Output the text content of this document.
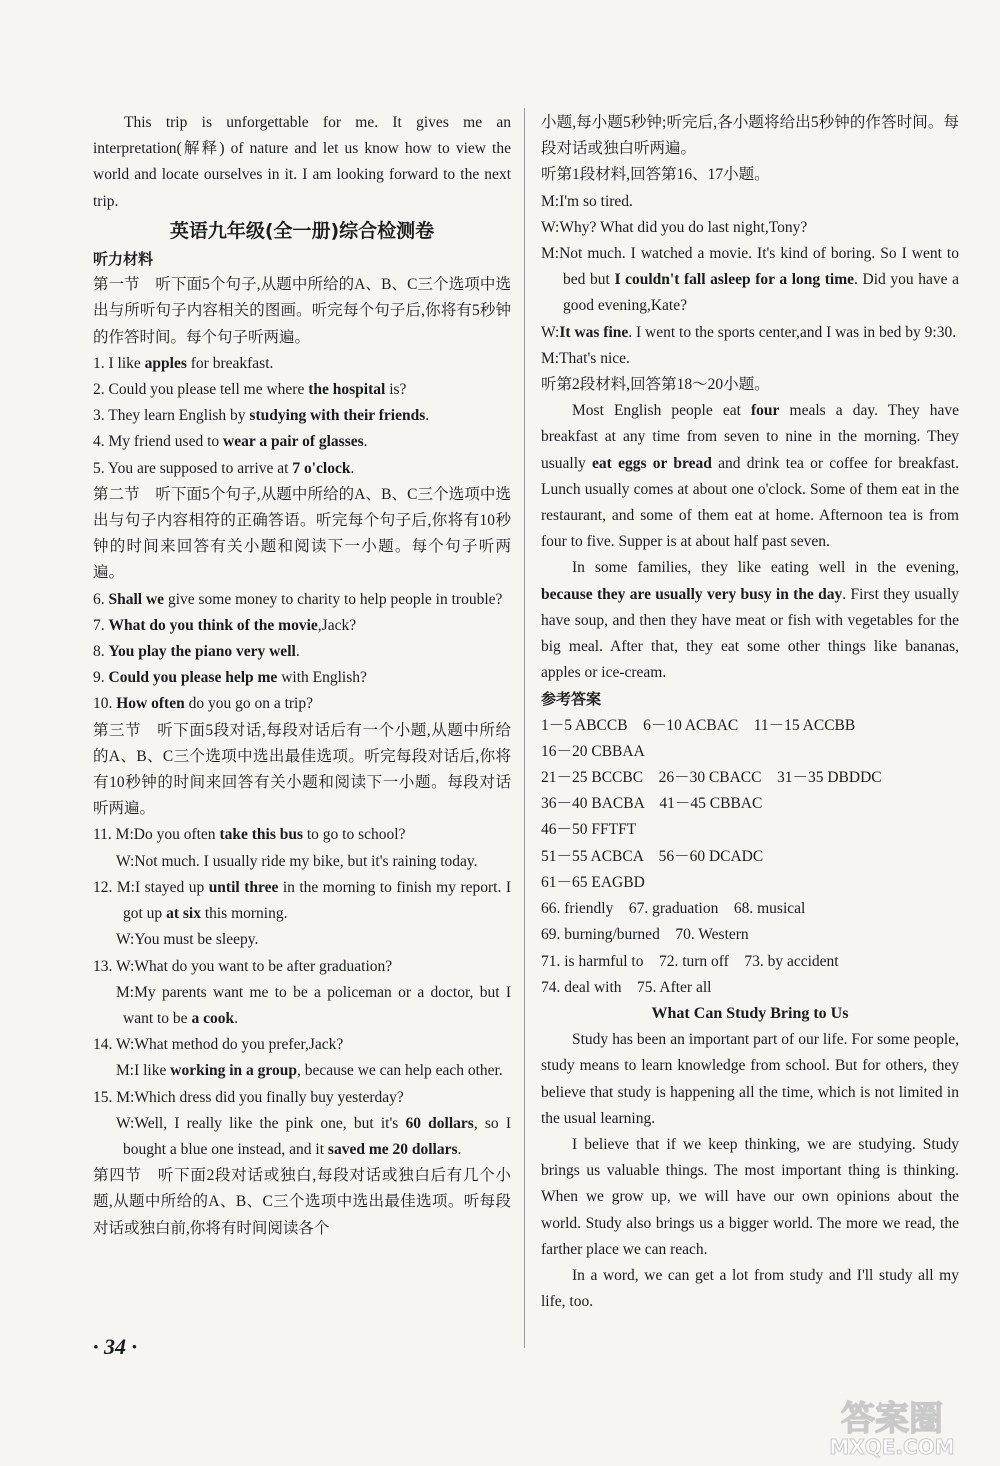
This trip is unforgettable for me. It gives me an interpretation(解释) of nature and let us know how to view the world and locate ourselves in it. I am looking forward to the next trip.

英语九年级(全一册)综合检测卷
听力材料

第一节　听下面5个句子,从题中所给的A、B、C三个选项中选出与所听句子内容相关的图画。听完每个句子后,你将有5秒钟的作答时间。每个句子听两遍。

1. I like apples for breakfast.

2. Could you please tell me where the hospital is?

3. They learn English by studying with their friends.

4. My friend used to wear a pair of glasses.

5. You are supposed to arrive at 7 o'clock.

第二节　听下面5个句子,从题中所给的A、B、C三个选项中选出与句子内容相符的正确答语。听完每个句子后,你将有10秒钟的时间来回答有关小题和阅读下一小题。每个句子听两遍。

6. Shall we give some money to charity to help people in trouble?

7. What do you think of the movie,Jack?

8. You play the piano very well.

9. Could you please help me with English?

10. How often do you go on a trip?

第三节　听下面5段对话,每段对话后有一个小题,从题中所给的A、B、C三个选项中选出最佳选项。听完每段对话后,你将有10秒钟的时间来回答有关小题和阅读下一小题。每段对话听两遍。

11. M:Do you often take this bus to go to school?

W:Not much. I usually ride my bike, but it's raining today.

12. M:I stayed up until three in the morning to finish my report. I got up at six this morning.

W:You must be sleepy.

13. W:What do you want to be after graduation?

M:My parents want me to be a policeman or a doctor, but I want to be a cook.

14. W:What method do you prefer,Jack?

M:I like working in a group, because we can help each other.

15. M:Which dress did you finally buy yesterday?

W:Well, I really like the pink one, but it's 60 dollars, so I bought a blue one instead, and it saved me 20 dollars.

第四节　听下面2段对话或独白,每段对话或独白后有几个小题,从题中所给的A、B、C三个选项中选出最佳选项。听每段对话或独白前,你将有时间阅读各个

小题,每小题5秒钟;听完后,各小题将给出5秒钟的作答时间。每段对话或独白听两遍。

听第1段材料,回答第16、17小题。

M:I'm so tired.

W:Why? What did you do last night,Tony?

M:Not much. I watched a movie. It's kind of boring. So I went to bed but I couldn't fall asleep for a long time. Did you have a good evening,Kate?

W:It was fine. I went to the sports center,and I was in bed by 9:30.

M:That's nice.

听第2段材料,回答第18～20小题。

Most English people eat four meals a day. They have breakfast at any time from seven to nine in the morning. They usually eat eggs or bread and drink tea or coffee for breakfast. Lunch usually comes at about one o'clock. Some of them eat in the restaurant, and some of them eat at home. Afternoon tea is from four to five. Supper is at about half past seven.

In some families, they like eating well in the evening, because they are usually very busy in the day. First they usually have soup, and then they have meat or fish with vegetables for the big meal. After that, they eat some other things like bananas, apples or ice-cream.

参考答案
1－5 ABCCB　6－10 ACBAC　11－15 ACCBB
16－20 CBBAA
21－25 BCCBC　26－30 CBACC　31－35 DBDDC
36－40 BACBA　41－45 CBBAC
46－50 FFTFT
51－55 ACBCA　56－60 DCADC
61－65 EAGBD
66. friendly　67. graduation　68. musical
69. burning/burned　70. Western
71. is harmful to　72. turn off　73. by accident
74. deal with　75. After all
What Can Study Bring to Us

Study has been an important part of our life. For some people, study means to learn knowledge from school. But for others, they believe that study is happening all the time, which is not limited in the usual learning.

I believe that if we keep thinking, we are studying. Study brings us valuable things. The most important thing is thinking. When we grow up, we will have our own opinions about the world. Study also brings us a bigger world. The more we read, the farther place we can reach.

In a word, we can get a lot from study and I'll study all my life, too.

· 34 ·
答案圈
MXQE.COM
